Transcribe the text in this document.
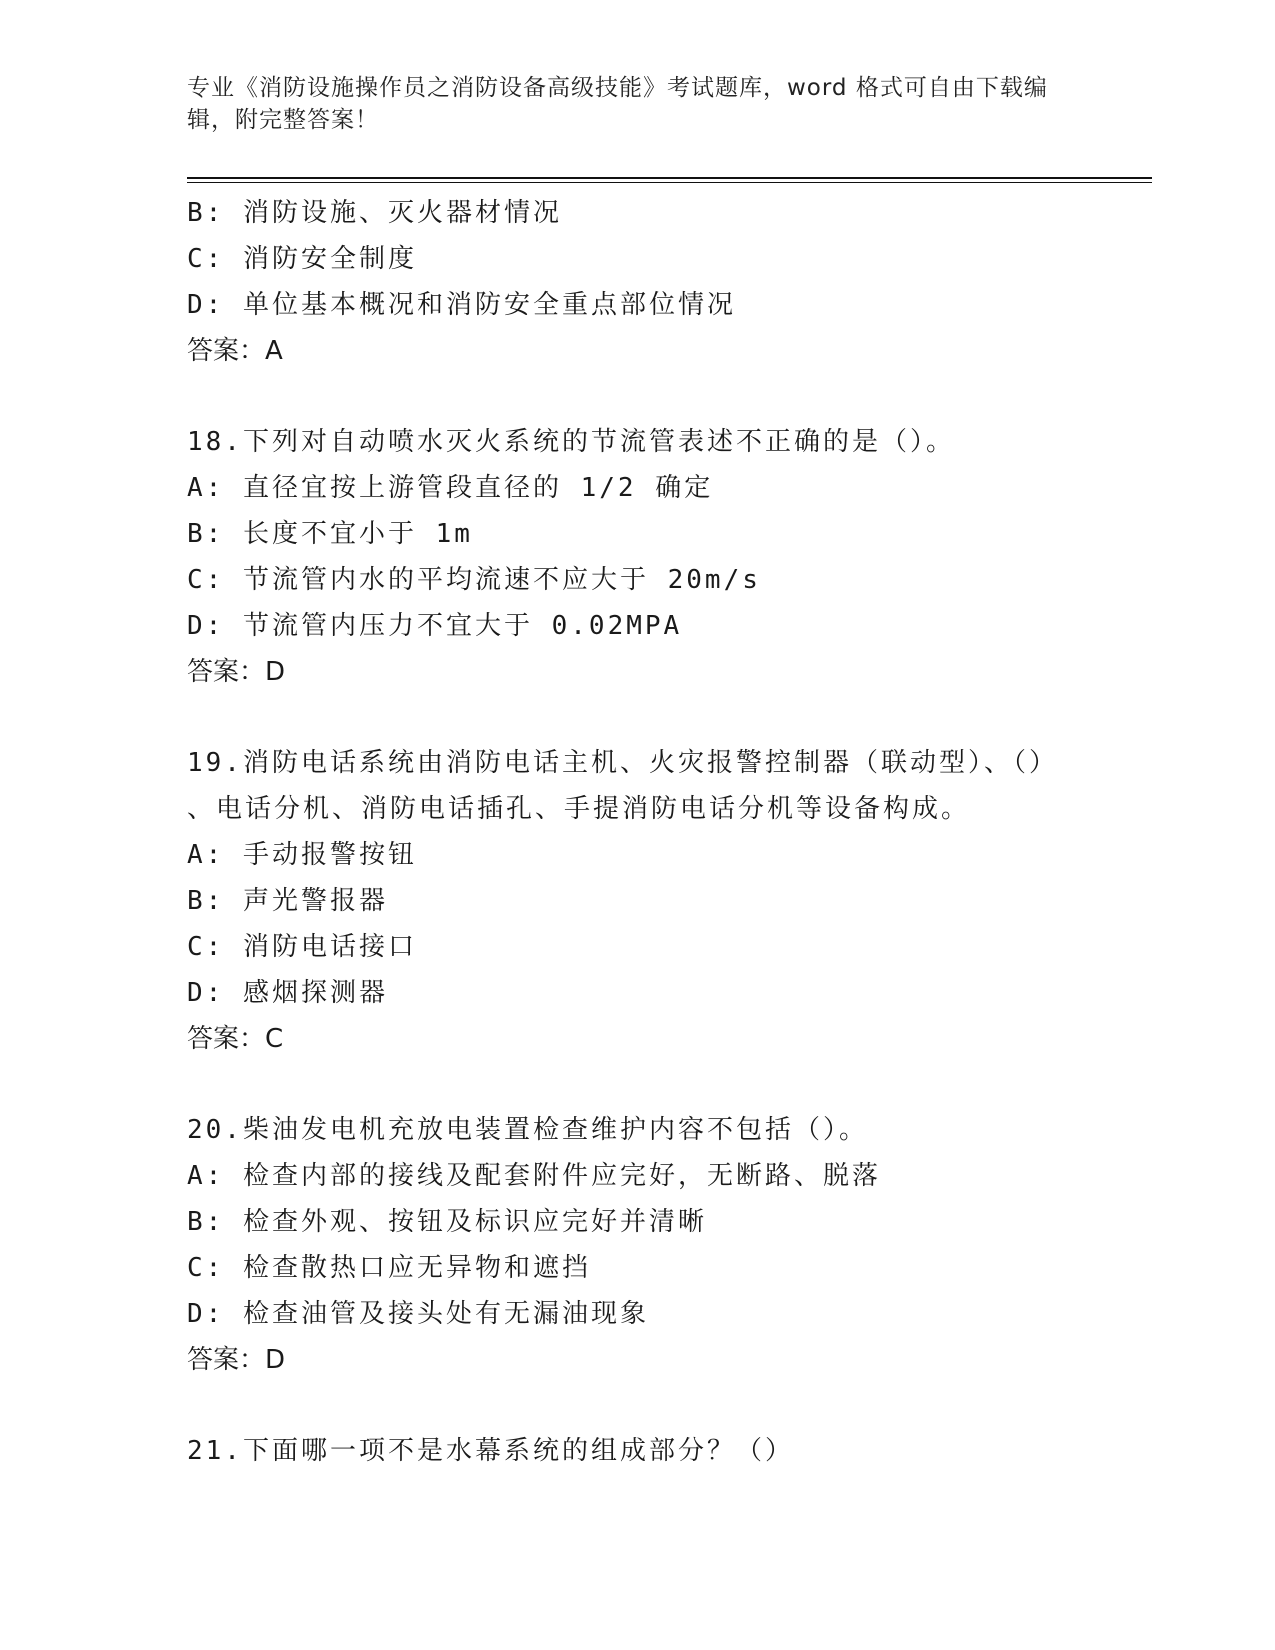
专业《消防设施操作员之消防设备高级技能》考试题库，word 格式可自由下载编
辑，附完整答案！
B: 消防设施、灭火器材情况
C: 消防安全制度
D: 单位基本概况和消防安全重点部位情况
答案：A
18.下列对自动喷水灭火系统的节流管表述不正确的是（）。
A: 直径宜按上游管段直径的 1/2 确定
B: 长度不宜小于 1m
C: 节流管内水的平均流速不应大于 20m/s
D: 节流管内压力不宜大于 0.02MPA
答案：D
19.消防电话系统由消防电话主机、火灾报警控制器（联动型）、（）
、电话分机、消防电话插孔、手提消防电话分机等设备构成。
A: 手动报警按钮
B: 声光警报器
C: 消防电话接口
D: 感烟探测器
答案：C
20.柴油发电机充放电装置检查维护内容不包括（）。
A: 检查内部的接线及配套附件应完好，无断路、脱落
B: 检查外观、按钮及标识应完好并清晰
C: 检查散热口应无异物和遮挡
D: 检查油管及接头处有无漏油现象
答案：D
21.下面哪一项不是水幕系统的组成部分？（）
